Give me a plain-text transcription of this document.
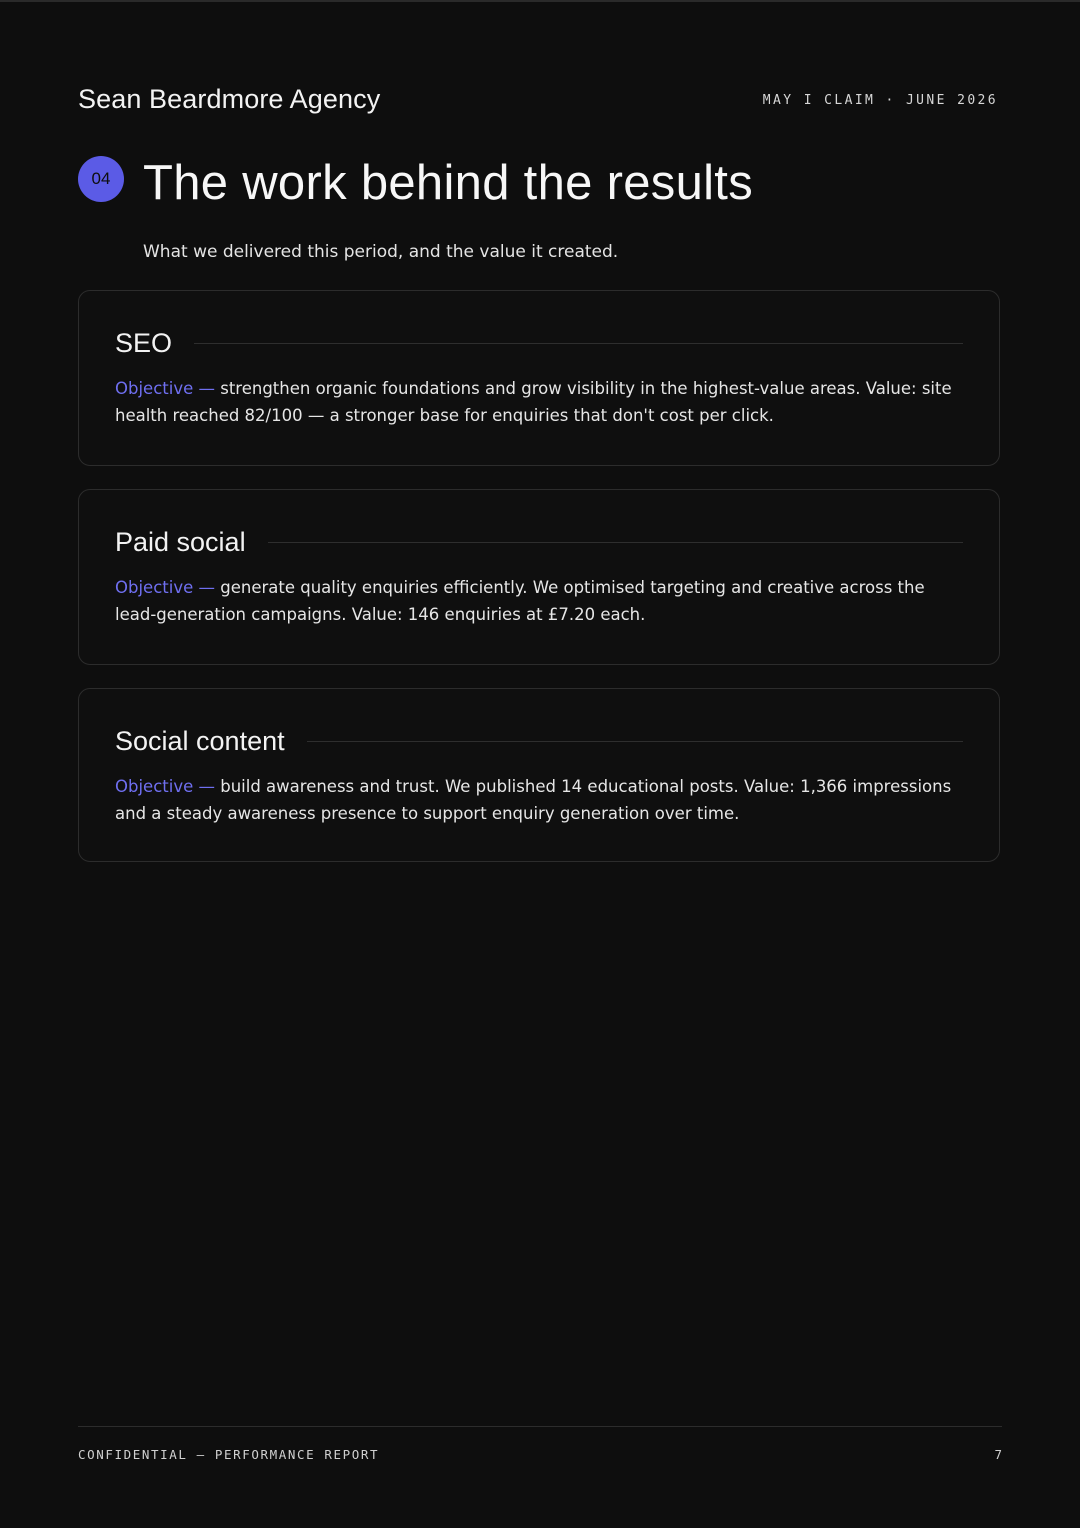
Sean Beardmore Agency	MAY I CLAIM · JUNE 2026
04 The work behind the results
What we delivered this period, and the value it created.
SEO
Objective — strengthen organic foundations and grow visibility in the highest-value areas. Value: site health reached 82/100 — a stronger base for enquiries that don't cost per click.
Paid social
Objective — generate quality enquiries efficiently. We optimised targeting and creative across the lead-generation campaigns. Value: 146 enquiries at £7.20 each.
Social content
Objective — build awareness and trust. We published 14 educational posts. Value: 1,366 impressions and a steady awareness presence to support enquiry generation over time.
CONFIDENTIAL — PERFORMANCE REPORT	7
